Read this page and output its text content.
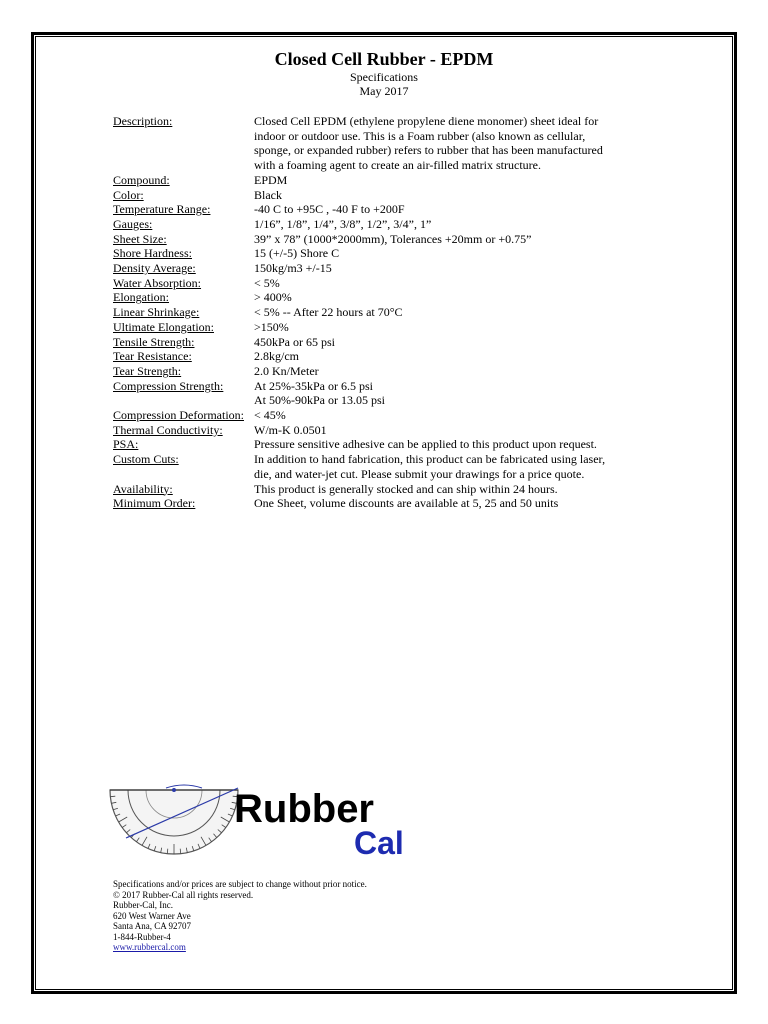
Closed Cell Rubber - EPDM
Specifications
May 2017
Description:	Closed Cell EPDM (ethylene propylene diene monomer) sheet ideal for
indoor or outdoor use. This is a Foam rubber (also known as cellular,
sponge, or expanded rubber) refers to rubber that has been manufactured
with a foaming agent to create an air-filled matrix structure.

Compound:	EPDM

Color:	Black

Temperature Range:	-40 C to +95C , -40 F to +200F

Gauges:	1/16”, 1/8”, 1/4”, 3/8”, 1/2”, 3/4”, 1”

Sheet Size:	39” x 78” (1000*2000mm), Tolerances +20mm or +0.75”

Shore Hardness:	15 (+/-5) Shore C

Density Average:	150kg/m3 +/-15

Water Absorption:	< 5%

Elongation:	> 400%

Linear Shrinkage:	< 5% -- After 22 hours at 70°C

Ultimate Elongation:	>150%

Tensile Strength:	450kPa or 65 psi

Tear Resistance:	2.8kg/cm

Tear Strength:	2.0 Kn/Meter

Compression Strength:	At 25%-35kPa or 6.5 psi
At 50%-90kPa or 13.05 psi

Compression Deformation:	< 45%

Thermal Conductivity:	W/m-K 0.0501

PSA:	Pressure sensitive adhesive can be applied to this product upon request.

Custom Cuts:	In addition to hand fabrication, this product can be fabricated using laser,
die, and water-jet cut. Please submit your drawings for a price quote.

Availability:	This product is generally stocked and can ship within 24 hours.

Minimum Order:	One Sheet, volume discounts are available at 5, 25 and 50 units
Rubber
Cal
Specifications and/or prices are subject to change without prior notice.
© 2017 Rubber-Cal all rights reserved.
Rubber-Cal, Inc.
620 West Warner Ave
Santa Ana, CA 92707
1-844-Rubber-4
www.rubbercal.com
